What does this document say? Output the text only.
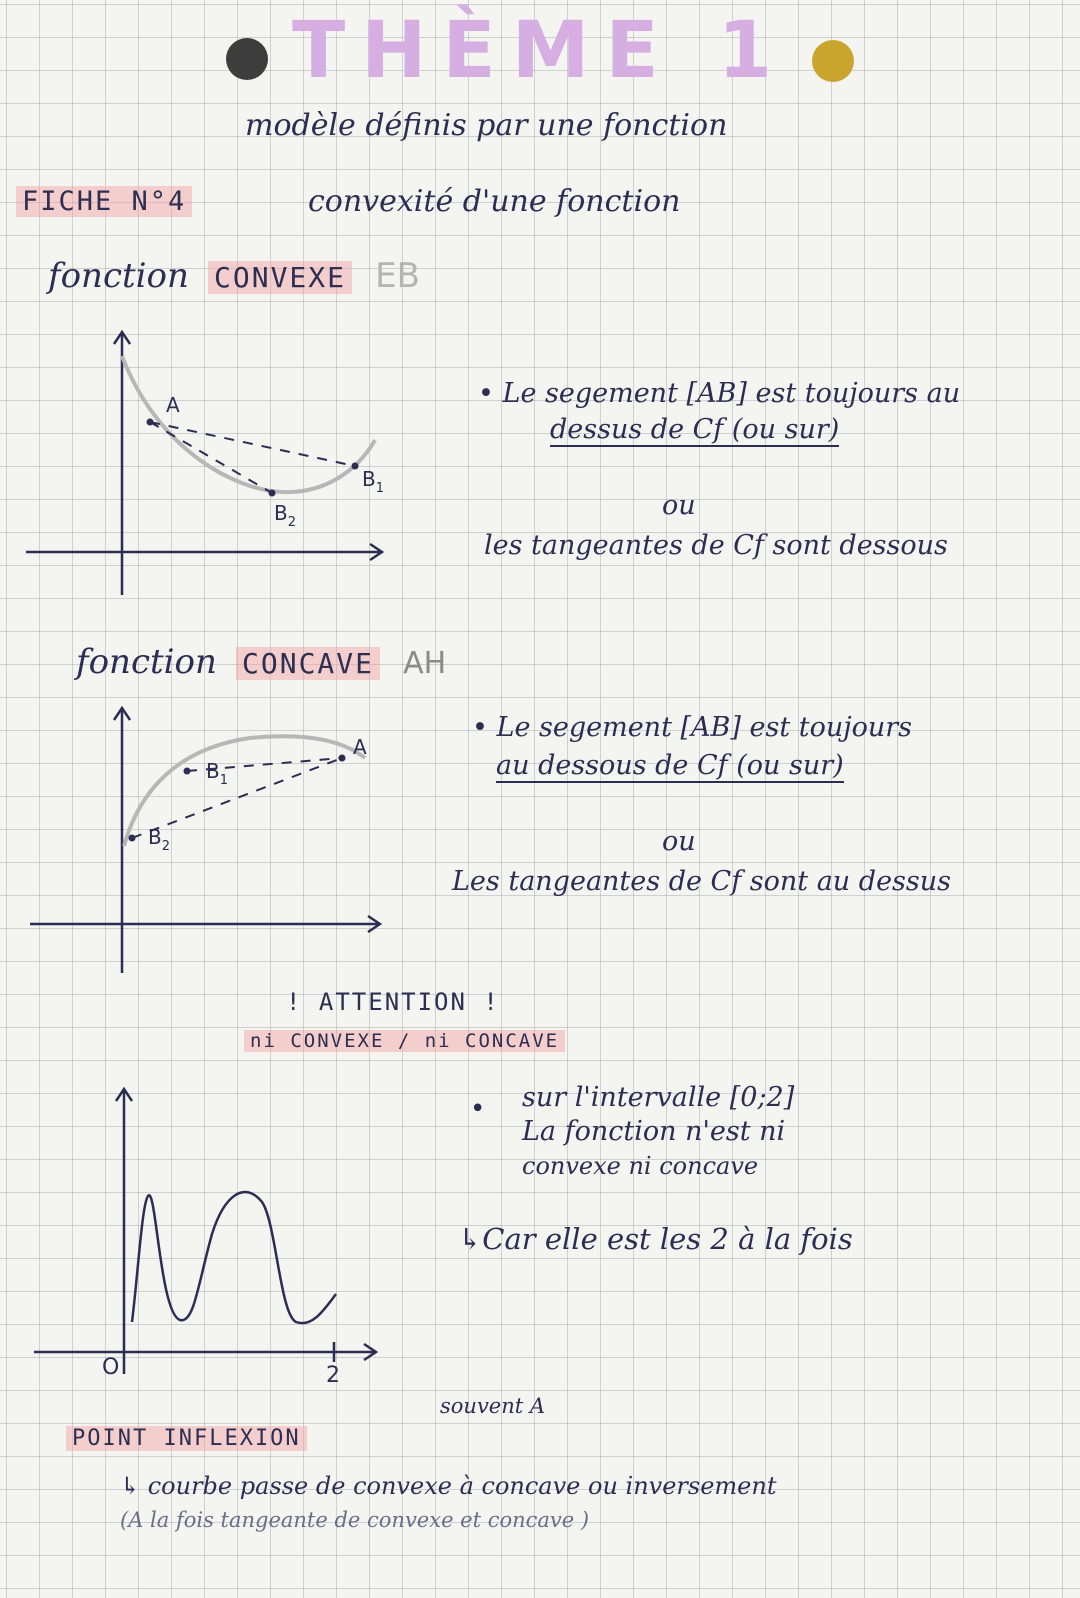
THÈME 1
modèle définis par une fonction
FICHE N°4	convexité d'une fonction
fonction CONVEXE EB
A
$B_1$
$B_2$
• Le segement [AB] est toujours au
dessus de Cf (ou sur)
ou
les tangeantes de Cf sont dessous
fonction CONCAVE AH
A
$B_1$
$B_2$
• Le segement [AB] est toujours
au dessous de Cf (ou sur)
ou
Les tangeantes de Cf sont au dessus
! ATTENTION !
ni CONVEXE / ni CONCAVE
O	2
• sur l'intervalle [0;2]
La fonction n'est ni
convexe ni concave
↳Car elle est les 2 à la fois
souvent A
POINT INFLEXION
↳ courbe passe de convexe à concave ou inversement
(A la fois tangeante de convexe et concave )
